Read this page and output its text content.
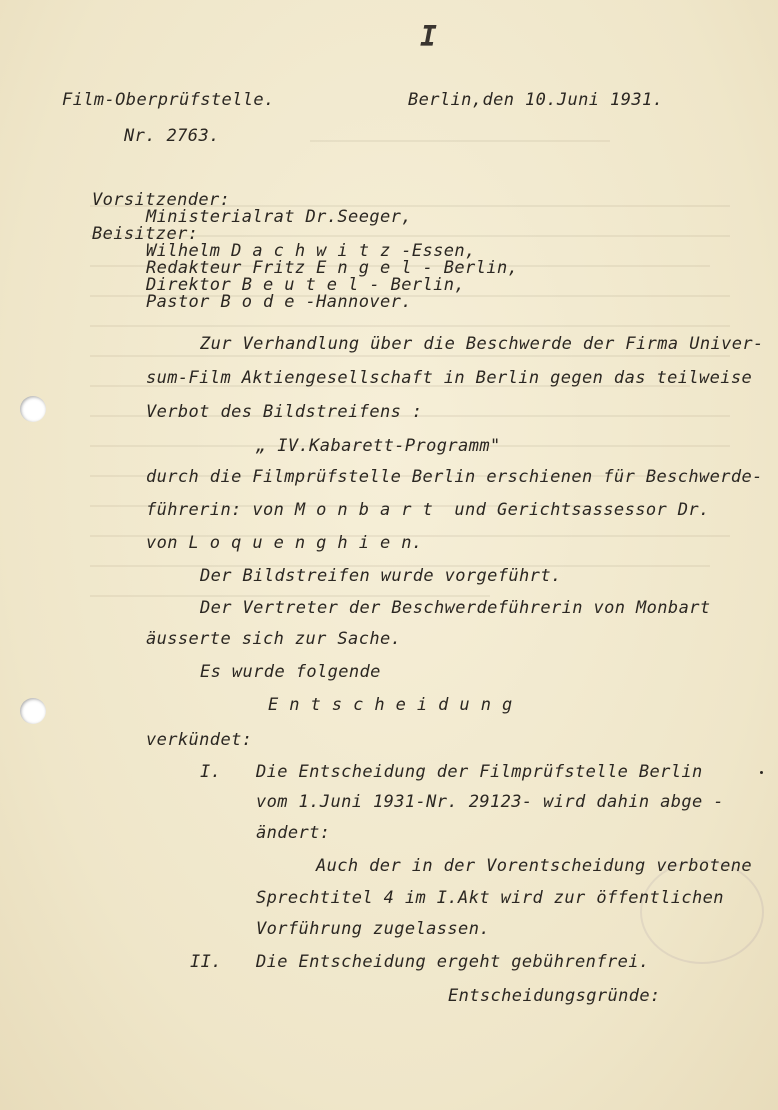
I
Film-Oberprüfstelle.	Berlin,den 10.Juni 1931.
Nr. 2763.
Vorsitzender:
Ministerialrat Dr.Seeger,
Beisitzer:
Wilhelm D a c h w i t z -Essen,
Redakteur Fritz E n g e l - Berlin,
Direktor B e u t e l - Berlin,
Pastor B o d e -Hannover.
Zur Verhandlung über die Beschwerde der Firma Univer-
sum-Film Aktiengesellschaft in Berlin gegen das teilweise
Verbot des Bildstreifens :
„ IV.Kabarett-Programm"
durch die Filmprüfstelle Berlin erschienen für Beschwerde-
führerin: von M o n b a r t  und Gerichtsassessor Dr.
von L o q u e n g h i e n.
Der Bildstreifen wurde vorgeführt.
Der Vertreter der Beschwerdeführerin von Monbart
äusserte sich zur Sache.
Es wurde folgende
E n t s c h e i d u n g
verkündet:
I. Die Entscheidung der Filmprüfstelle Berlin
vom 1.Juni 1931-Nr. 29123- wird dahin abge -
ändert:
Auch der in der Vorentscheidung verbotene
Sprechtitel 4 im I.Akt wird zur öffentlichen
Vorführung zugelassen.
II. Die Entscheidung ergeht gebührenfrei.
Entscheidungsgründe:
